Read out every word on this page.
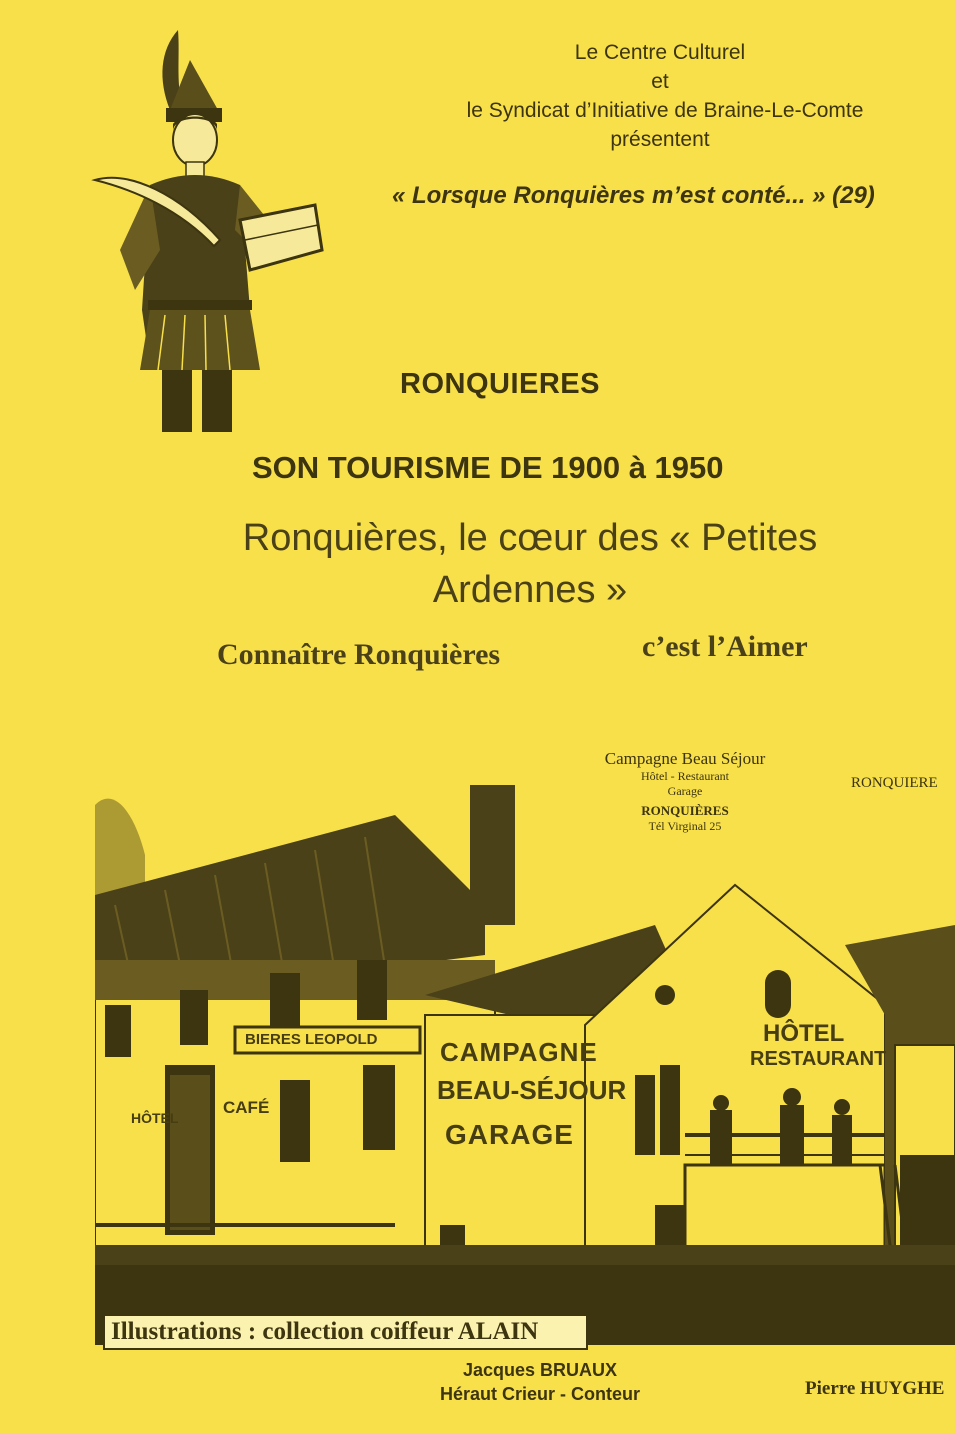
Le Centre Culturel
et
le Syndicat d’Initiative de Braine-Le-Comte
présentent
« Lorsque Ronquières m’est conté... » (29)
RONQUIERES
SON TOURISME DE 1900 à 1950
Ronquières, le cœur des « Petites Ardennes »
Connaître Ronquières	c’est l’Aimer
Campagne Beau Séjour
Hôtel - Restaurant
Garage
RONQUIÈRES
Tél Virginal 25
RONQUIERE
BIERES LEOPOLD
HÔTEL
CAFÉ
CAMPAGNE
BEAU-SÉJOUR
GARAGE
HÔTEL
RESTAURANT
Illustrations : collection coiffeur ALAIN
Jacques BRUAUX
Héraut Crieur - Conteur	Pierre HUYGHE
